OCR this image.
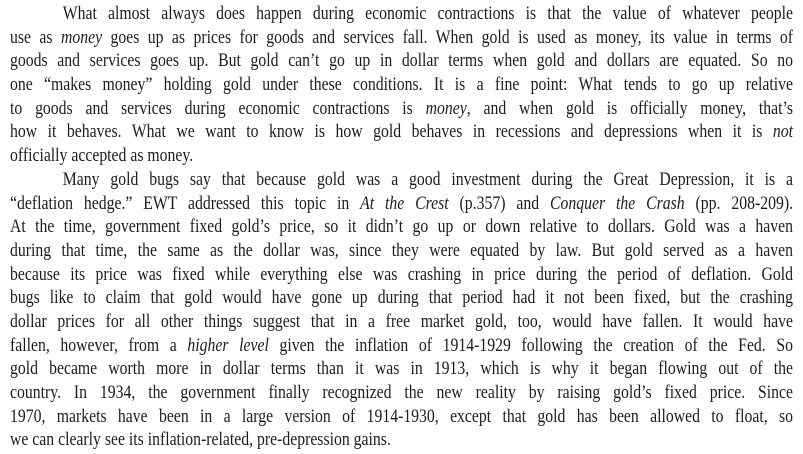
What almost always does happen during economic contractions is that the value of whatever people
use as money goes up as prices for goods and services fall. When gold is used as money, its value in terms of
goods and services goes up. But gold can’t go up in dollar terms when gold and dollars are equated. So no
one “makes money” holding gold under these conditions. It is a fine point: What tends to go up relative
to goods and services during economic contractions is money, and when gold is officially money, that’s
how it behaves. What we want to know is how gold behaves in recessions and depressions when it is not
officially accepted as money.
Many gold bugs say that because gold was a good investment during the Great Depression, it is a
“deflation hedge.” EWT addressed this topic in At the Crest (p.357) and Conquer the Crash (pp. 208-209).
At the time, government fixed gold’s price, so it didn’t go up or down relative to dollars. Gold was a haven
during that time, the same as the dollar was, since they were equated by law. But gold served as a haven
because its price was fixed while everything else was crashing in price during the period of deflation. Gold
bugs like to claim that gold would have gone up during that period had it not been fixed, but the crashing
dollar prices for all other things suggest that in a free market gold, too, would have fallen. It would have
fallen, however, from a higher level given the inflation of 1914-1929 following the creation of the Fed. So
gold became worth more in dollar terms than it was in 1913, which is why it began flowing out of the
country. In 1934, the government finally recognized the new reality by raising gold’s fixed price. Since
1970, markets have been in a large version of 1914-1930, except that gold has been allowed to float, so
we can clearly see its inflation-related, pre-depression gains.
